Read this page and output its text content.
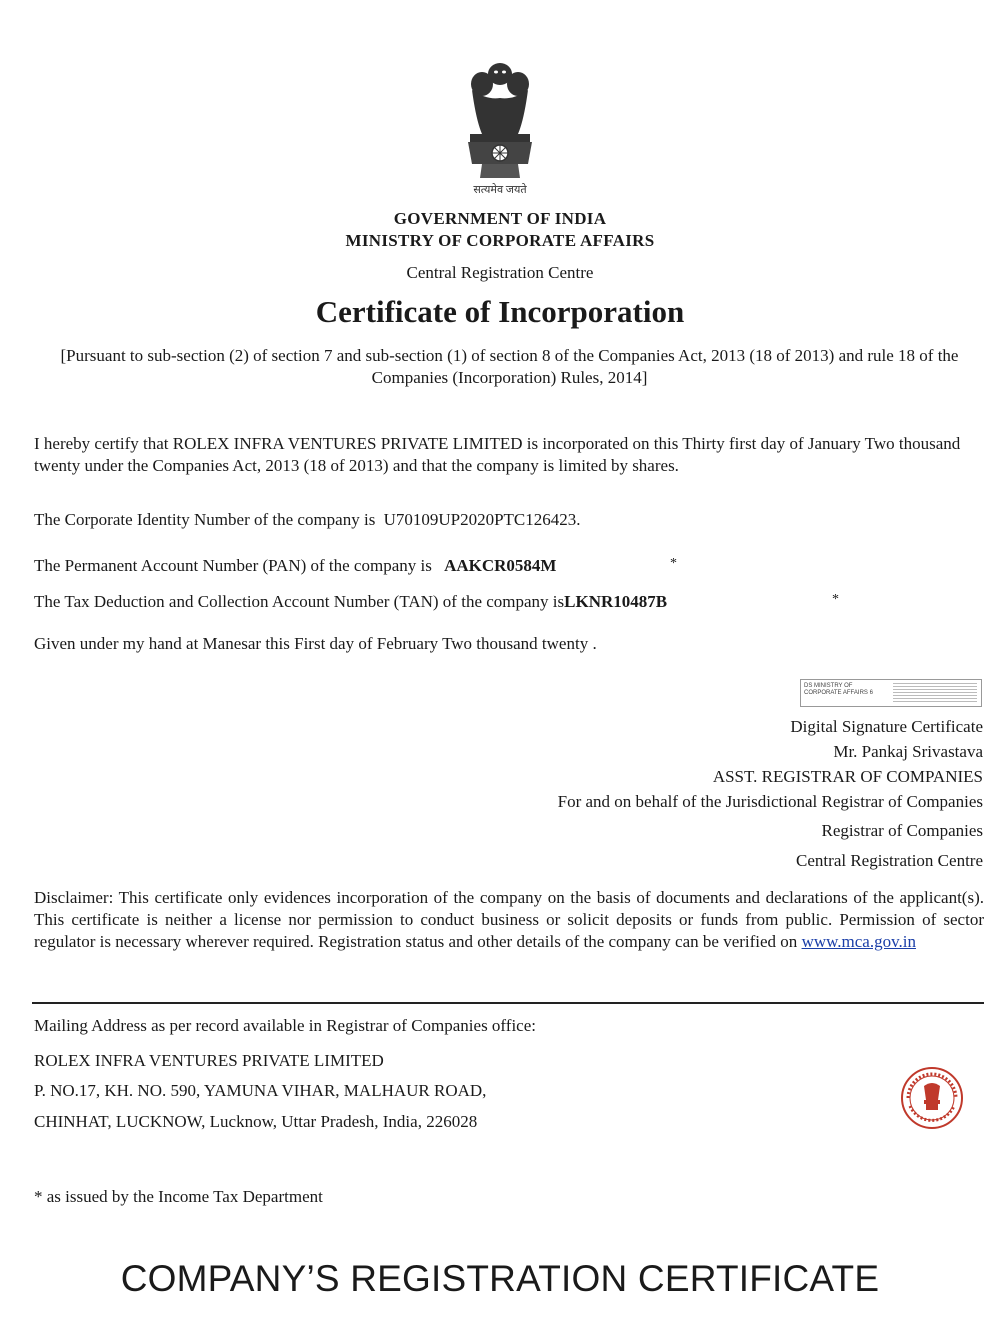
सत्यमेव जयते
GOVERNMENT OF INDIA
MINISTRY OF CORPORATE AFFAIRS
Central Registration Centre
Certificate of Incorporation
[Pursuant to sub-section (2) of section 7 and sub-section (1) of section 8 of the Companies Act, 2013 (18 of 2013) and rule 18 of the Companies (Incorporation) Rules, 2014]
I hereby certify that ROLEX INFRA VENTURES PRIVATE LIMITED is incorporated on this Thirty first day of January Two thousand twenty under the Companies Act, 2013 (18 of 2013) and that the company is limited by shares.
The Corporate Identity Number of the company is U70109UP2020PTC126423.
The Permanent Account Number (PAN) of the company is AAKCR0584M	*
The Tax Deduction and Collection Account Number (TAN) of the company isLKNR10487B	*
Given under my hand at Manesar this First day of February Two thousand twenty .
DS MINISTRY OF
CORPORATE AFFAIRS 6
Digital Signature Certificate
Mr. Pankaj Srivastava
ASST. REGISTRAR OF COMPANIES
For and on behalf of the Jurisdictional Registrar of Companies
Registrar of Companies
Central Registration Centre
Disclaimer: This certificate only evidences incorporation of the company on the basis of documents and declarations of the applicant(s). This certificate is neither a license nor permission to conduct business or solicit deposits or funds from public. Permission of sector regulator is necessary wherever required. Registration status and other details of the company can be verified on www.mca.gov.in
Mailing Address as per record available in Registrar of Companies office:
ROLEX INFRA VENTURES PRIVATE LIMITED
P. NO.17, KH. NO. 590, YAMUNA VIHAR, MALHAUR ROAD,
CHINHAT, LUCKNOW, Lucknow, Uttar Pradesh, India, 226028
* as issued by the Income Tax Department
COMPANY’S REGISTRATION CERTIFICATE
